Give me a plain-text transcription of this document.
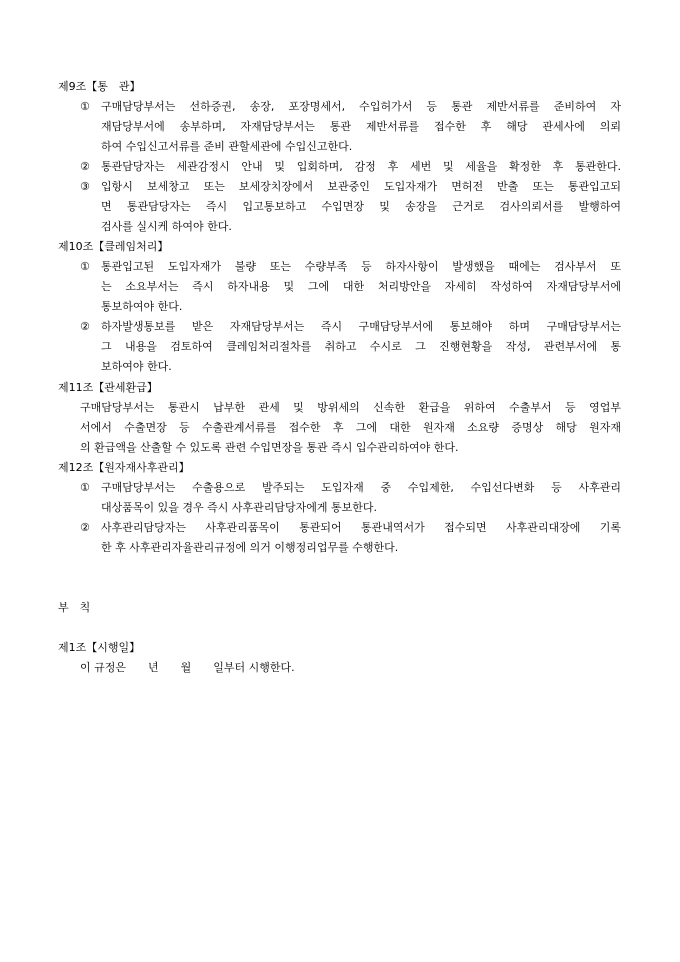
제9조【통　관】
① 구매담당부서는 선하증권, 송장, 포장명세서, 수입허가서 등 통관 제반서류를 준비하여 자
재담당부서에 송부하며, 자재담당부서는 통관 제반서류를 접수한 후 해당 관세사에 의뢰
하여 수입신고서류를 준비 관할세관에 수입신고한다.
② 통관담당자는 세관감정시 안내 및 입회하며, 감정 후 세번 및 세율을 확정한 후 통관한다.
③ 입항시 보세창고 또는 보세장치장에서 보관중인 도입자재가 면허전 반출 또는 통관입고되
면 통관담당자는 즉시 입고통보하고 수입면장 및 송장을 근거로 검사의뢰서를 발행하여
검사를 실시케 하여야 한다.
제10조【클레임처리】
① 통관입고된 도입자재가 불량 또는 수량부족 등 하자사항이 발생했을 때에는 검사부서 또
는 소요부서는 즉시 하자내용 및 그에 대한 처리방안을 자세히 작성하여 자재담당부서에
통보하여야 한다.
② 하자발생통보를 받은 자재담당부서는 즉시 구매담당부서에 통보해야 하며 구매담당부서는
그 내용을 검토하여 클레임처리절차를 취하고 수시로 그 진행현황을 작성, 관련부서에 통
보하여야 한다.
제11조【관세환급】
구매담당부서는 통관시 납부한 관세 및 방위세의 신속한 환급을 위하여 수출부서 등 영업부
서에서 수출면장 등 수출관계서류를 접수한 후 그에 대한 원자재 소요량 증명상 해당 원자재
의 환급액을 산출할 수 있도록 관련 수입면장을 통관 즉시 입수관리하여야 한다.
제12조【원자재사후관리】
① 구매담당부서는 수출용으로 발주되는 도입자재 중 수입제한, 수입선다변화 등 사후관리
대상품목이 있을 경우 즉시 사후관리담당자에게 통보한다.
② 사후관리담당자는 사후관리품목이 통관되어 통관내역서가 접수되면 사후관리대장에 기록
한 후 사후관리자율관리규정에 의거 이행정리업무를 수행한다.
부　칙
제1조【시행일】
이 규정은　　년　　월　　일부터 시행한다.
